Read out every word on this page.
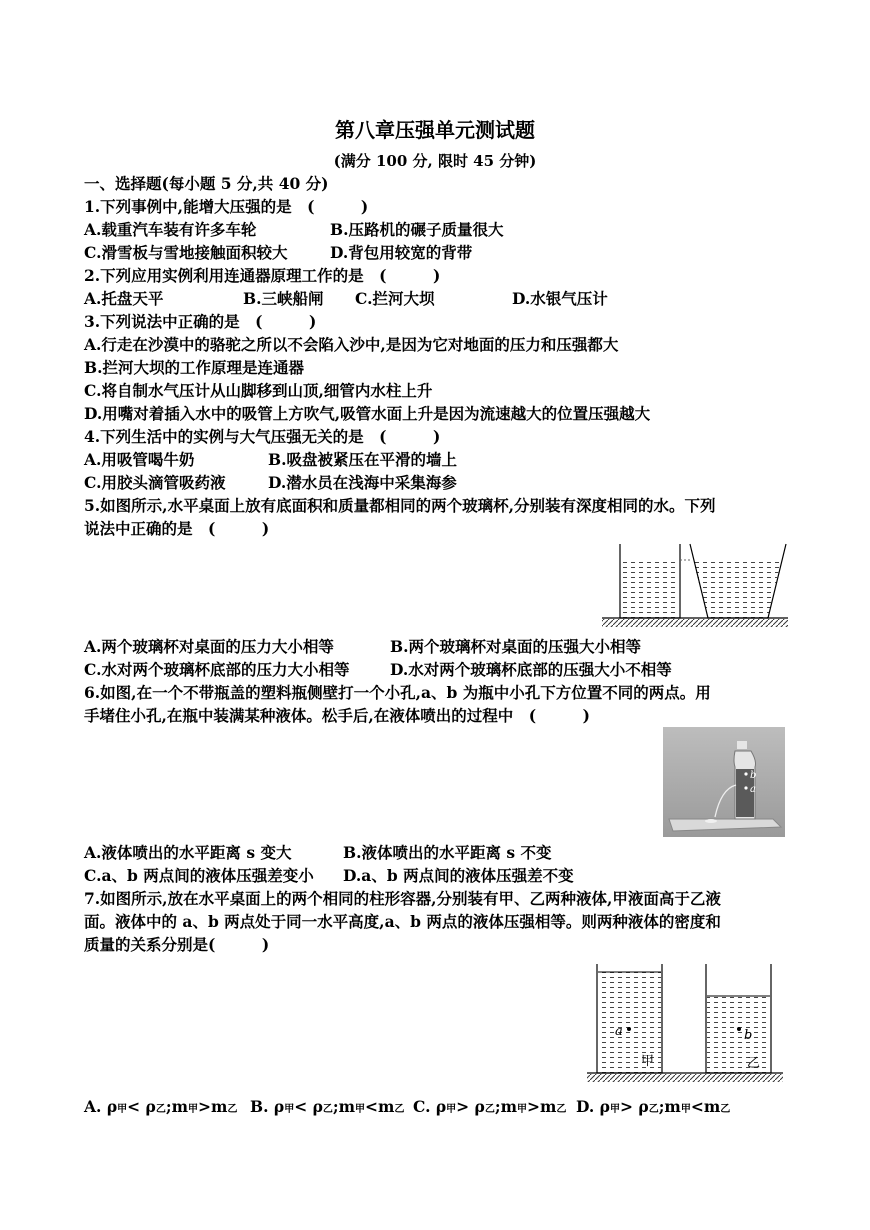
第八章压强单元测试题
(满分 100 分, 限时 45 分钟)
一、选择题(每小题 5 分,共 40 分)
1.下列事例中,能增大压强的是　(　　　)
A.载重汽车装有许多车轮	B.压路机的碾子质量很大
C.滑雪板与雪地接触面积较大	D.背包用较宽的背带
2.下列应用实例利用连通器原理工作的是　(　　　)
A.托盘天平	B.三峡船闸 C.拦河大坝	D.水银气压计
3.下列说法中正确的是　(　　　)
A.行走在沙漠中的骆驼之所以不会陷入沙中,是因为它对地面的压力和压强都大
B.拦河大坝的工作原理是连通器
C.将自制水气压计从山脚移到山顶,细管内水柱上升
D.用嘴对着插入水中的吸管上方吹气,吸管水面上升是因为流速越大的位置压强越大
4.下列生活中的实例与大气压强无关的是　(　　　)
A.用吸管喝牛奶	B.吸盘被紧压在平滑的墙上
C.用胶头滴管吸药液	D.潜水员在浅海中采集海参
5.如图所示,水平桌面上放有底面积和质量都相同的两个玻璃杯,分别装有深度相同的水。下列
说法中正确的是　(　　　)
A.两个玻璃杯对桌面的压力大小相等	B.两个玻璃杯对桌面的压强大小相等
C.水对两个玻璃杯底部的压力大小相等	D.水对两个玻璃杯底部的压强大小不相等
6.如图,在一个不带瓶盖的塑料瓶侧壁打一个小孔,a、b 为瓶中小孔下方位置不同的两点。用
手堵住小孔,在瓶中装满某种液体。松手后,在液体喷出的过程中　(　　　)
b
a
A.液体喷出的水平距离 s 变大	B.液体喷出的水平距离 s 不变
C.a、b 两点间的液体压强差变小 D.a、b 两点间的液体压强差不变
7.如图所示,放在水平桌面上的两个相同的柱形容器,分别装有甲、乙两种液体,甲液面高于乙液
面。液体中的 a、b 两点处于同一水平高度,a、b 两点的液体压强相等。则两种液体的密度和
质量的关系分别是(　　　)
a	b
甲	乙
A. ρ甲< ρ乙;m甲>m乙 B. ρ甲< ρ乙;m甲<m乙 C. ρ甲> ρ乙;m甲>m乙 D. ρ甲> ρ乙;m甲<m乙
